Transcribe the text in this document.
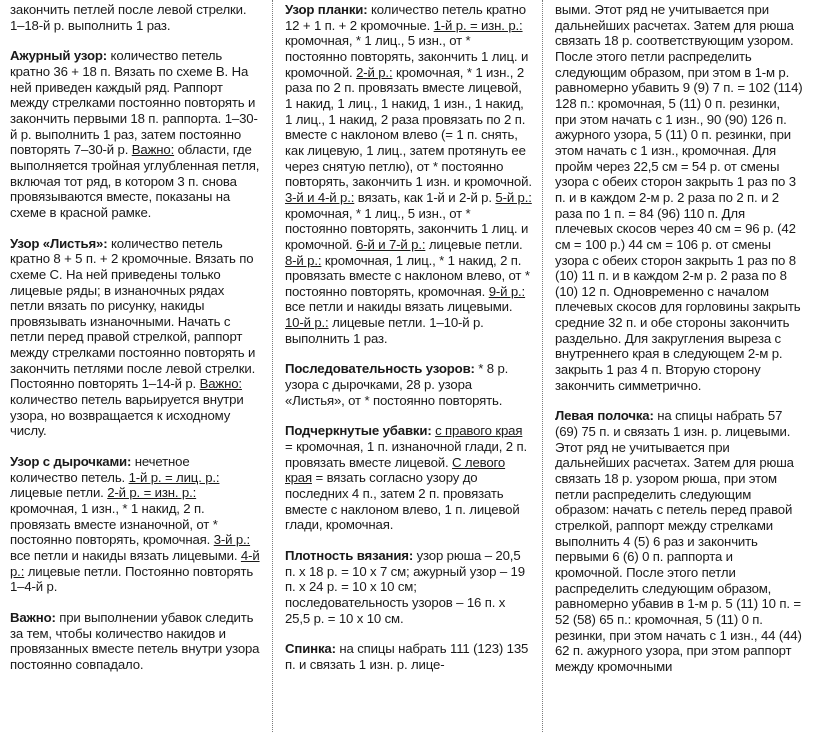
закончить петлей после левой стрелки. 1–18-й р. выполнить 1 раз.

Ажурный узор: количество петель кратно 36 + 18 п. Вязать по схеме В. На ней приведен каждый ряд. Раппорт между стрелками постоянно повторять и закончить первыми 18 п. раппорта. 1–30-й р. выполнить 1 раз, затем постоянно повторять 7–30-й р. Важно: области, где выполняется тройная углубленная петля, включая тот ряд, в котором 3 п. снова провязываются вместе, показаны на схеме в красной рамке.

Узор «Листья»: количество петель кратно 8 + 5 п. + 2 кромочные. Вязать по схеме С. На ней приведены только лицевые ряды; в изнаночных рядах петли вязать по рисунку, накиды провязывать изнаночными. Начать с петли перед правой стрелкой, раппорт между стрелками постоянно повторять и закончить петлями после левой стрелки. Постоянно повторять 1–14-й р. Важно: количество петель варьируется внутри узора, но возвращается к исходному числу.

Узор с дырочками: нечетное количество петель. 1-й р. = лиц. р.: лицевые петли. 2-й р. = изн. р.: кромочная, 1 изн., * 1 накид, 2 п. провязать вместе изнаночной, от * постоянно повторять, кромочная. 3-й р.: все петли и накиды вязать лицевыми. 4-й р.: лицевые петли. Постоянно повторять 1–4-й р.

Важно: при выполнении убавок следить за тем, чтобы количество накидов и провязанных вместе петель внутри узора постоянно совпадало.

Узор планки: количество петель кратно 12 + 1 п. + 2 кромочные. 1-й р. = изн. р.: кромочная, * 1 лиц., 5 изн., от * постоянно повторять, закончить 1 лиц. и кромочной. 2-й р.: кромочная, * 1 изн., 2 раза по 2 п. провязать вместе лицевой, 1 накид, 1 лиц., 1 накид, 1 изн., 1 накид, 1 лиц., 1 накид, 2 раза провязать по 2 п. вместе с наклоном влево (= 1 п. снять, как лицевую, 1 лиц., затем протянуть ее через снятую петлю), от * постоянно повторять, закончить 1 изн. и кромочной. 3-й и 4-й р.: вязать, как 1-й и 2-й р. 5-й р.: кромочная, * 1 лиц., 5 изн., от * постоянно повторять, закончить 1 лиц. и кромочной. 6-й и 7-й р.: лицевые петли. 8-й р.: кромочная, 1 лиц., * 1 накид, 2 п. провязать вместе с наклоном влево, от * постоянно повторять, кромочная. 9-й р.: все петли и накиды вязать лицевыми. 10-й р.: лицевые петли. 1–10-й р. выполнить 1 раз.

Последовательность узоров: * 8 р. узора с дырочками, 28 р. узора «Листья», от * постоянно повторять.

Подчеркнутые убавки: с правого края = кромочная, 1 п. изнаночной глади, 2 п. провязать вместе лицевой. С левого края = вязать согласно узору до последних 4 п., затем 2 п. провязать вместе с наклоном влево, 1 п. лицевой глади, кромочная.

Плотность вязания: узор рюша – 20,5 п. х 18 р. = 10 х 7 см; ажурный узор – 19 п. х 24 р. = 10 х 10 см; последовательность узоров – 16 п. х 25,5 р. = 10 х 10 см.

Спинка: на спицы набрать 111 (123) 135 п. и связать 1 изн. р. лице-

выми. Этот ряд не учитывается при дальнейших расчетах. Затем для рюша связать 18 р. соответствующим узором. После этого петли распределить следующим образом, при этом в 1-м р. равномерно убавить 9 (9) 7 п. = 102 (114) 128 п.: кромочная, 5 (11) 0 п. резинки, при этом начать с 1 изн., 90 (90) 126 п. ажурного узора, 5 (11) 0 п. резинки, при этом начать с 1 изн., кромочная. Для пройм через 22,5 см = 54 р. от смены узора с обеих сторон закрыть 1 раз по 3 п. и в каждом 2-м р. 2 раза по 2 п. и 2 раза по 1 п. = 84 (96) 110 п. Для плечевых скосов через 40 см = 96 р. (42 см = 100 р.) 44 см = 106 р. от смены узора с обеих сторон закрыть 1 раз по 8 (10) 11 п. и в каждом 2-м р. 2 раза по 8 (10) 12 п. Одновременно с началом плечевых скосов для горловины закрыть средние 32 п. и обе стороны закончить раздельно. Для закругления выреза с внутреннего края в следующем 2-м р. закрыть 1 раз 4 п. Вторую сторону закончить симметрично.

Левая полочка: на спицы набрать 57 (69) 75 п. и связать 1 изн. р. лицевыми. Этот ряд не учитывается при дальнейших расчетах. Затем для рюша связать 18 р. узором рюша, при этом петли распределить следующим образом: начать с петель перед правой стрелкой, раппорт между стрелками выполнить 4 (5) 6 раз и закончить первыми 6 (6) 0 п. раппорта и кромочной. После этого петли распределить следующим образом, равномерно убавив в 1-м р. 5 (11) 10 п. = 52 (58) 65 п.: кромочная, 5 (11) 0 п. резинки, при этом начать с 1 изн., 44 (44) 62 п. ажурного узора, при этом раппорт между кромочными
